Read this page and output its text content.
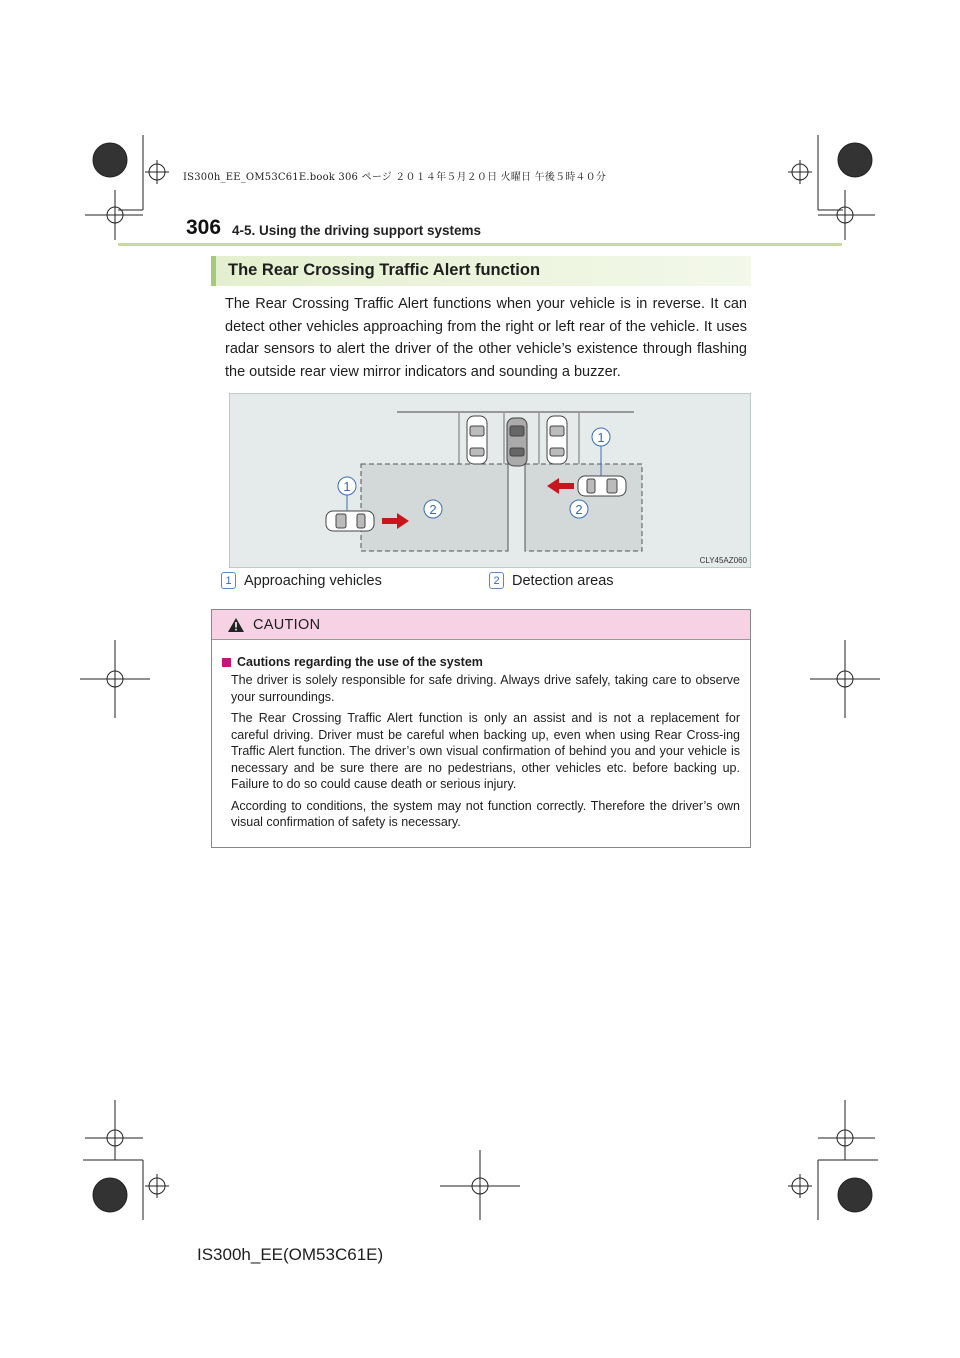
IS300h_EE_OM53C61E.book 306 ページ ２０１４年５月２０日 火曜日 午後５時４０分
306 4-5. Using the driving support systems
The Rear Crossing Traffic Alert function

The Rear Crossing Traffic Alert functions when your vehicle is in reverse. It can detect other vehicles approaching from the right or left rear of the vehicle. It uses radar sensors to alert the driver of the other vehicle’s existence through flashing the outside rear view mirror indicators and sounding a buzzer.

1
1
2	2
CLY45AZ060
1 Approaching vehicles	2 Detection areas
CAUTION
Cautions regarding the use of the system

The driver is solely responsible for safe driving. Always drive safely, taking care to observe your surroundings.

The Rear Crossing Traffic Alert function is only an assist and is not a replacement for careful driving. Driver must be careful when backing up, even when using Rear Cross-ing Traffic Alert function. The driver’s own visual confirmation of behind you and your vehicle is necessary and be sure there are no pedestrians, other vehicles etc. before backing up. Failure to do so could cause death or serious injury.

According to conditions, the system may not function correctly. Therefore the driver’s own visual confirmation of safety is necessary.

IS300h_EE(OM53C61E)
